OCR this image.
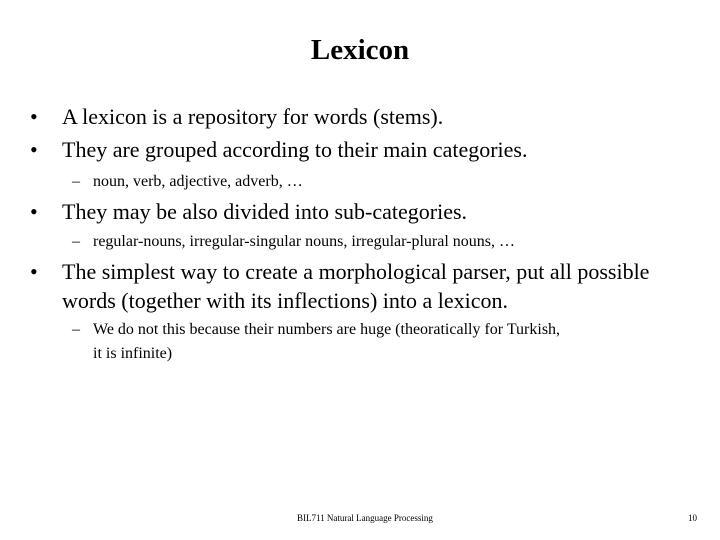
Lexicon
• A lexicon is a repository for words (stems).
• They are grouped according to their main categories.
– noun, verb, adjective, adverb, …
• They may be also divided into sub-categories.
– regular-nouns, irregular-singular nouns, irregular-plural nouns, …
• The simplest way to create a morphological parser, put all possible
words (together with its inflections) into a lexicon.
– We do not this because their numbers are huge (theoratically for Turkish,
it is infinite)
BIL711 Natural Language Processing	10
